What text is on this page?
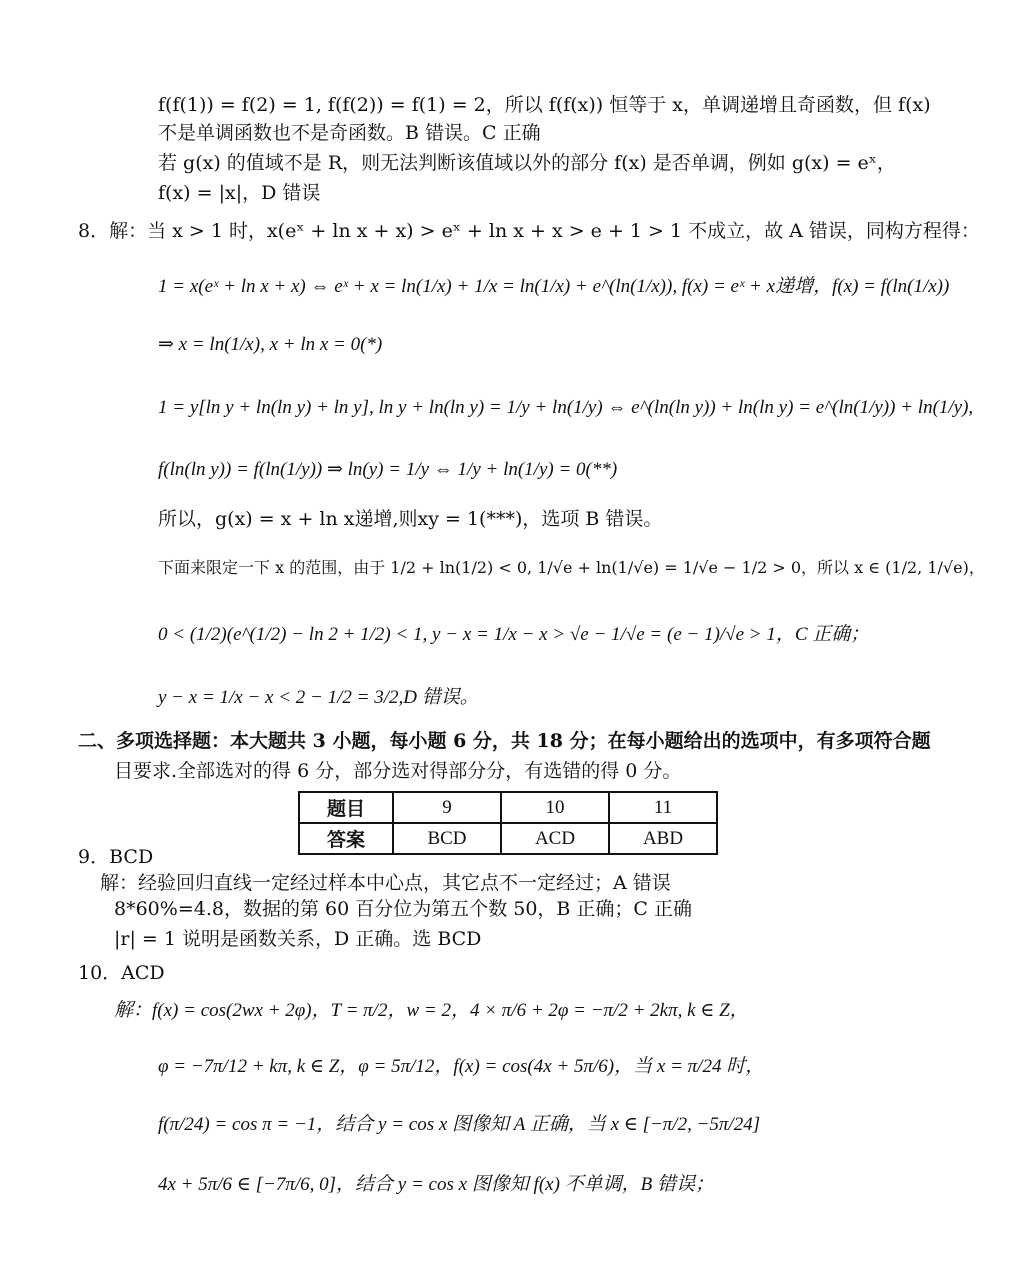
f(f(1)) = f(2) = 1, f(f(2)) = f(1) = 2，所以 f(f(x)) 恒等于 x，单调递增且奇函数，但 f(x)
不是单调函数也不是奇函数。B 错误。C 正确
若 g(x) 的值域不是 R，则无法判断该值域以外的部分 f(x) 是否单调，例如 g(x) = eˣ，
f(x) = |x|，D 错误
8．解：当 x > 1 时，x(eˣ + ln x + x) > eˣ + ln x + x > e + 1 > 1 不成立，故 A 错误，同构方程得：
1 = x(eˣ + ln x + x) ⇔ eˣ + x = ln(1/x) + 1/x = ln(1/x) + e^(ln(1/x)), f(x) = eˣ + x递增，f(x) = f(ln(1/x))
⇒ x = ln(1/x), x + ln x = 0(*)
1 = y[ln y + ln(ln y) + ln y], ln y + ln(ln y) = 1/y + ln(1/y) ⇔ e^(ln(ln y)) + ln(ln y) = e^(ln(1/y)) + ln(1/y),
f(ln(ln y)) = f(ln(1/y)) ⇒ ln(y) = 1/y ⇔ 1/y + ln(1/y) = 0(**)
所以，g(x) = x + ln x递增,则xy = 1(***)，选项 B 错误。
下面来限定一下 x 的范围，由于 1/2 + ln(1/2) < 0, 1/√e + ln(1/√e) = 1/√e − 1/2 > 0，所以 x ∈ (1/2, 1/√e)，
0 < (1/2)(e^(1/2) − ln 2 + 1/2) < 1, y − x = 1/x − x > √e − 1/√e = (e − 1)/√e > 1，C 正确；
y − x = 1/x − x < 2 − 1/2 = 3/2,D 错误。
二、多项选择题：本大题共 3 小题，每小题 6 分，共 18 分；在每小题给出的选项中，有多项符合题
目要求.全部选对的得 6 分，部分选对得部分分，有选错的得 0 分。
题目	9	10	11
答案	BCD	ACD	ABD
9．BCD
解：经验回归直线一定经过样本中心点，其它点不一定经过；A 错误
8*60%=4.8，数据的第 60 百分位为第五个数 50，B 正确；C 正确
|r| = 1 说明是函数关系，D 正确。选 BCD
10．ACD
解：f(x) = cos(2wx + 2φ)，T = π/2，w = 2，4 × π/6 + 2φ = −π/2 + 2kπ, k ∈ Z，
φ = −7π/12 + kπ, k ∈ Z，φ = 5π/12，f(x) = cos(4x + 5π/6)，当 x = π/24 时，
f(π/24) = cos π = −1，结合 y = cos x 图像知 A 正确，当 x ∈ [−π/2, −5π/24]
4x + 5π/6 ∈ [−7π/6, 0]，结合 y = cos x 图像知 f(x) 不单调，B 错误；
